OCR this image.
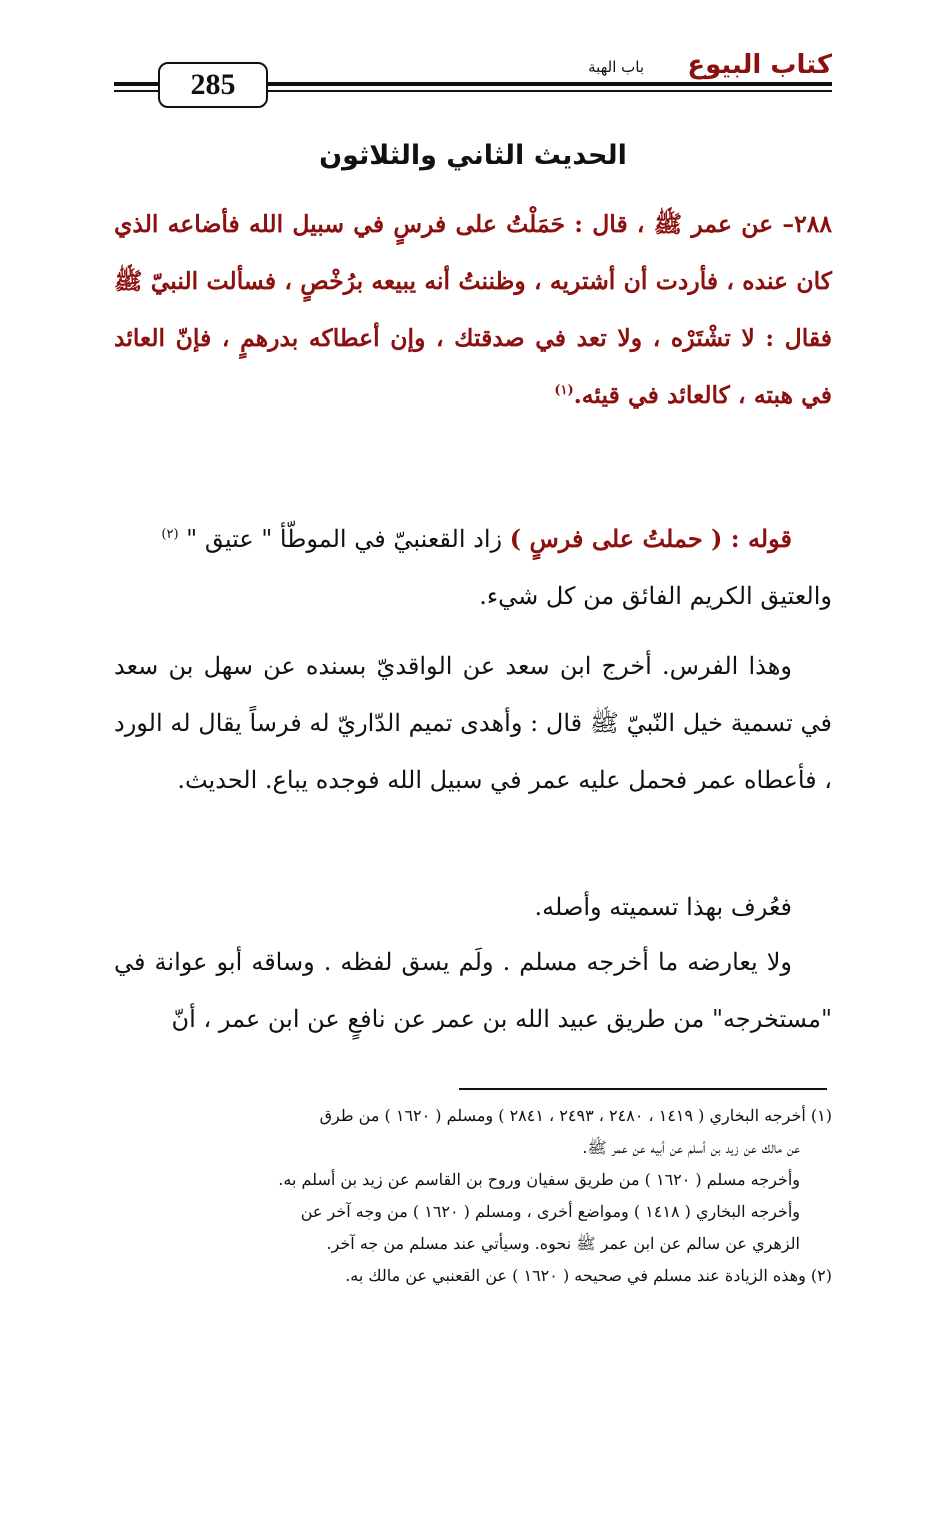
285
كتاب البيوع
باب الهبة
الحديث الثاني والثلاثون

٢٨٨– عن عمر ﷺ ، قال : حَمَلْتُ على فرسٍ في سبيل الله فأضاعه الذي كان عنده ، فأردت أن أشتريه ، وظننتُ أنه يبيعه برُخْصٍ ، فسألت النبيّ ﷺ فقال : لا تشْتَرْه ، ولا تعد في صدقتك ، وإن أعطاكه بدرهمٍ ، فإنّ العائد في هبته ، كالعائد في قيئه.$^{(١)}$

قوله : ( حملتُ على فرسٍ ) زاد القعنبيّ في الموطّأ " عتيق " $^{(٢)}$
والعتيق الكريم الفائق من كل شيء.

وهذا الفرس. أخرج ابن سعد عن الواقديّ بسنده عن سهل بن سعد في تسمية خيل النّبيّ ﷺ قال : وأهدى تميم الدّاريّ له فرساً يقال له الورد ، فأعطاه عمر فحمل عليه عمر في سبيل الله فوجده يباع. الحديث.

فعُرف بهذا تسميته وأصله.

ولا يعارضه ما أخرجه مسلم . ولَم يسق لفظه . وساقه أبو عوانة في "مستخرجه" من طريق عبيد الله بن عمر عن نافعٍ عن ابن عمر ، أنّ

(١) أخرجه البخاري ( ١٤١٩ ، ٢٤٨٠ ، ٢٤٩٣ ، ٢٨٤١ ) ومسلم ( ١٦٢٠ ) من طرق
عن مالك عن زيد بن أسلم عن أبيه عن عمر ﷺ.
وأخرجه مسلم ( ١٦٢٠ ) من طريق سفيان وروح بن القاسم عن زيد بن أسلم به.
وأخرجه البخاري ( ١٤١٨ ) ومواضع أخرى ، ومسلم ( ١٦٢٠ ) من وجه آخر عن
الزهري عن سالم عن ابن عمر ﷺ نحوه. وسيأتي عند مسلم من جه آخر.
(٢) وهذه الزيادة عند مسلم في صحيحه ( ١٦٢٠ ) عن القعنبي عن مالك به.
